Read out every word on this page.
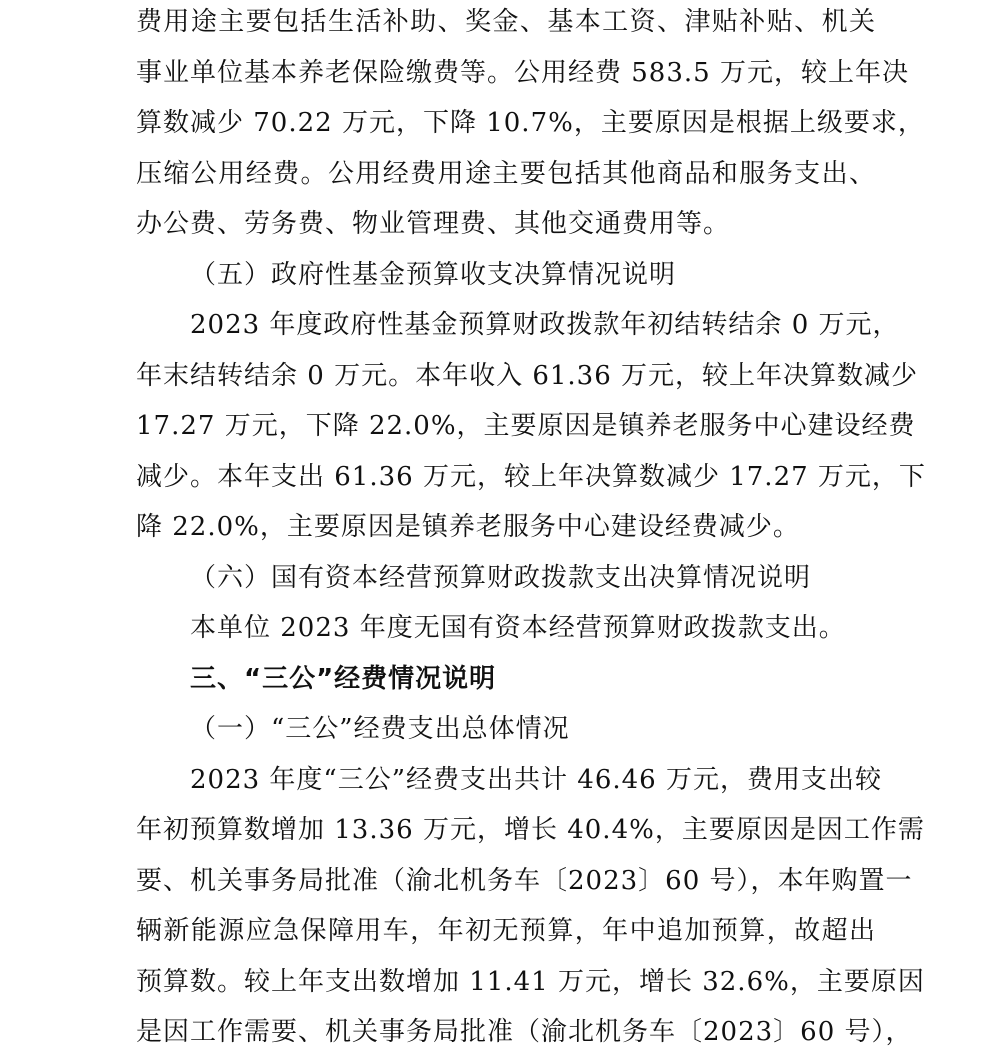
费用途主要包括生活补助、奖金、基本工资、津贴补贴、机关
事业单位基本养老保险缴费等。公用经费 583.5 万元，较上年决
算数减少 70.22 万元，下降 10.7%，主要原因是根据上级要求，
压缩公用经费。公用经费用途主要包括其他商品和服务支出、
办公费、劳务费、物业管理费、其他交通费用等。
（五）政府性基金预算收支决算情况说明
2023 年度政府性基金预算财政拨款年初结转结余 0 万元，
年末结转结余 0 万元。本年收入 61.36 万元，较上年决算数减少
17.27 万元，下降 22.0%，主要原因是镇养老服务中心建设经费
减少。本年支出 61.36 万元，较上年决算数减少 17.27 万元，下
降 22.0%，主要原因是镇养老服务中心建设经费减少。
（六）国有资本经营预算财政拨款支出决算情况说明
本单位 2023 年度无国有资本经营预算财政拨款支出。
三、“三公”经费情况说明
（一）“三公”经费支出总体情况
2023 年度“三公”经费支出共计 46.46 万元，费用支出较
年初预算数增加 13.36 万元，增长 40.4%，主要原因是因工作需
要、机关事务局批准（渝北机务车〔2023〕60 号），本年购置一
辆新能源应急保障用车，年初无预算，年中追加预算，故超出
预算数。较上年支出数增加 11.41 万元，增长 32.6%，主要原因
是因工作需要、机关事务局批准（渝北机务车〔2023〕60 号），
